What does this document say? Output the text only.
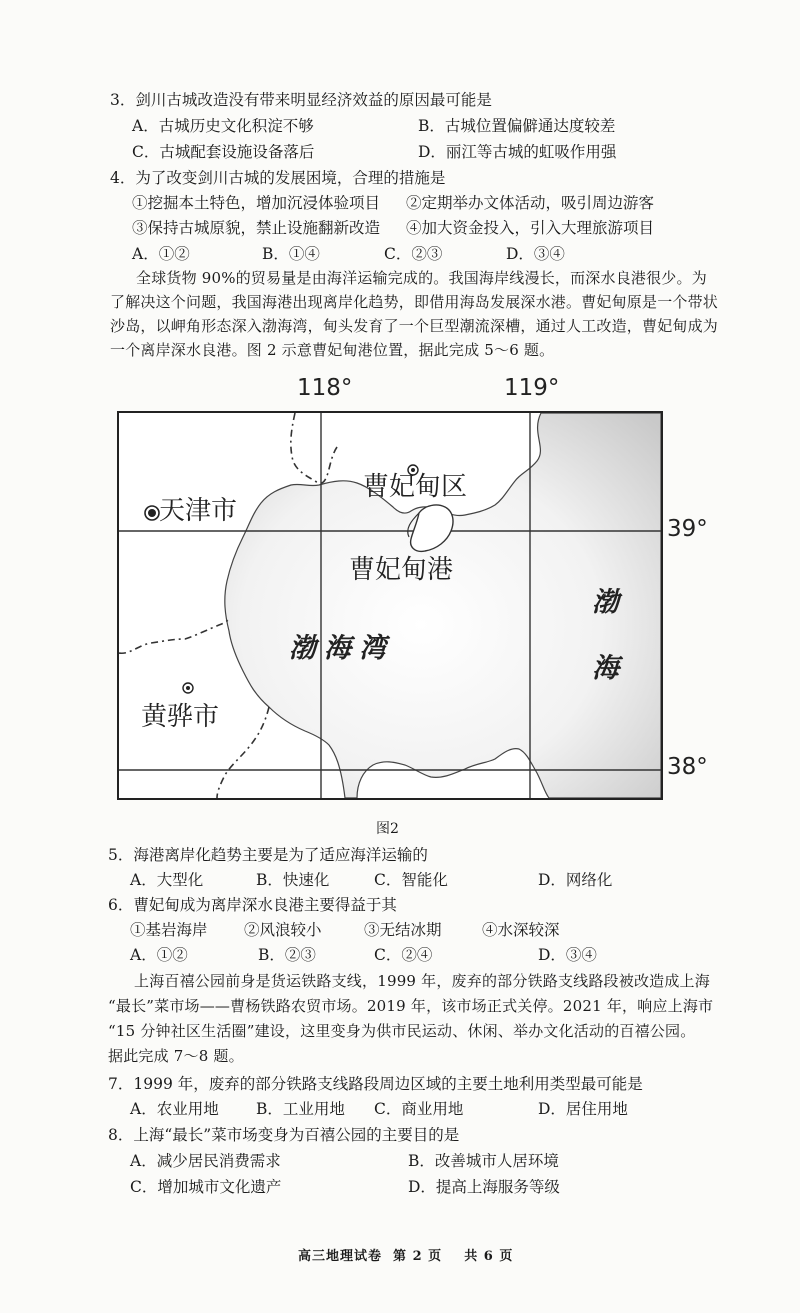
3．剑川古城改造没有带来明显经济效益的原因最可能是
A．古城历史文化积淀不够	B．古城位置偏僻通达度较差
C．古城配套设施设备落后	D．丽江等古城的虹吸作用强
4．为了改变剑川古城的发展困境，合理的措施是
①挖掘本土特色，增加沉浸体验项目 ②定期举办文体活动，吸引周边游客
③保持古城原貌，禁止设施翻新改造 ④加大资金投入，引入大理旅游项目
A．①②	B．①④	C．②③	D．③④
全球货物 90%的贸易量是由海洋运输完成的。我国海岸线漫长，而深水良港很少。为
了解决这个问题，我国海港出现离岸化趋势，即借用海岛发展深水港。曹妃甸原是一个带状
沙岛，以岬角形态深入渤海湾，甸头发育了一个巨型潮流深槽，通过人工改造，曹妃甸成为
一个离岸深水良港。图 2 示意曹妃甸港位置，据此完成 5～6 题。
118°	119°
天津市
曹妃甸区
曹妃甸港
渤海湾
渤
海
黄骅市
39°
38°
图2
5．海港离岸化趋势主要是为了适应海洋运输的
A．大型化	B．快速化	C．智能化	D．网络化
6．曹妃甸成为离岸深水良港主要得益于其
①基岩海岸 ②风浪较小	③无结冰期	④水深较深
A．①②	B．②③	C．②④	D．③④
上海百禧公园前身是货运铁路支线，1999 年，废弃的部分铁路支线路段被改造成上海
“最长”菜市场——曹杨铁路农贸市场。2019 年，该市场正式关停。2021 年，响应上海市
“15 分钟社区生活圈”建设，这里变身为供市民运动、休闲、举办文化活动的百禧公园。
据此完成 7～8 题。
7．1999 年，废弃的部分铁路支线路段周边区域的主要土地利用类型最可能是
A．农业用地 B．工业用地 C．商业用地	D．居住用地
8．上海“最长”菜市场变身为百禧公园的主要目的是
A．减少居民消费需求	B．改善城市人居环境
C．增加城市文化遗产	D．提高上海服务等级
高三地理试卷  第 2 页    共 6 页
